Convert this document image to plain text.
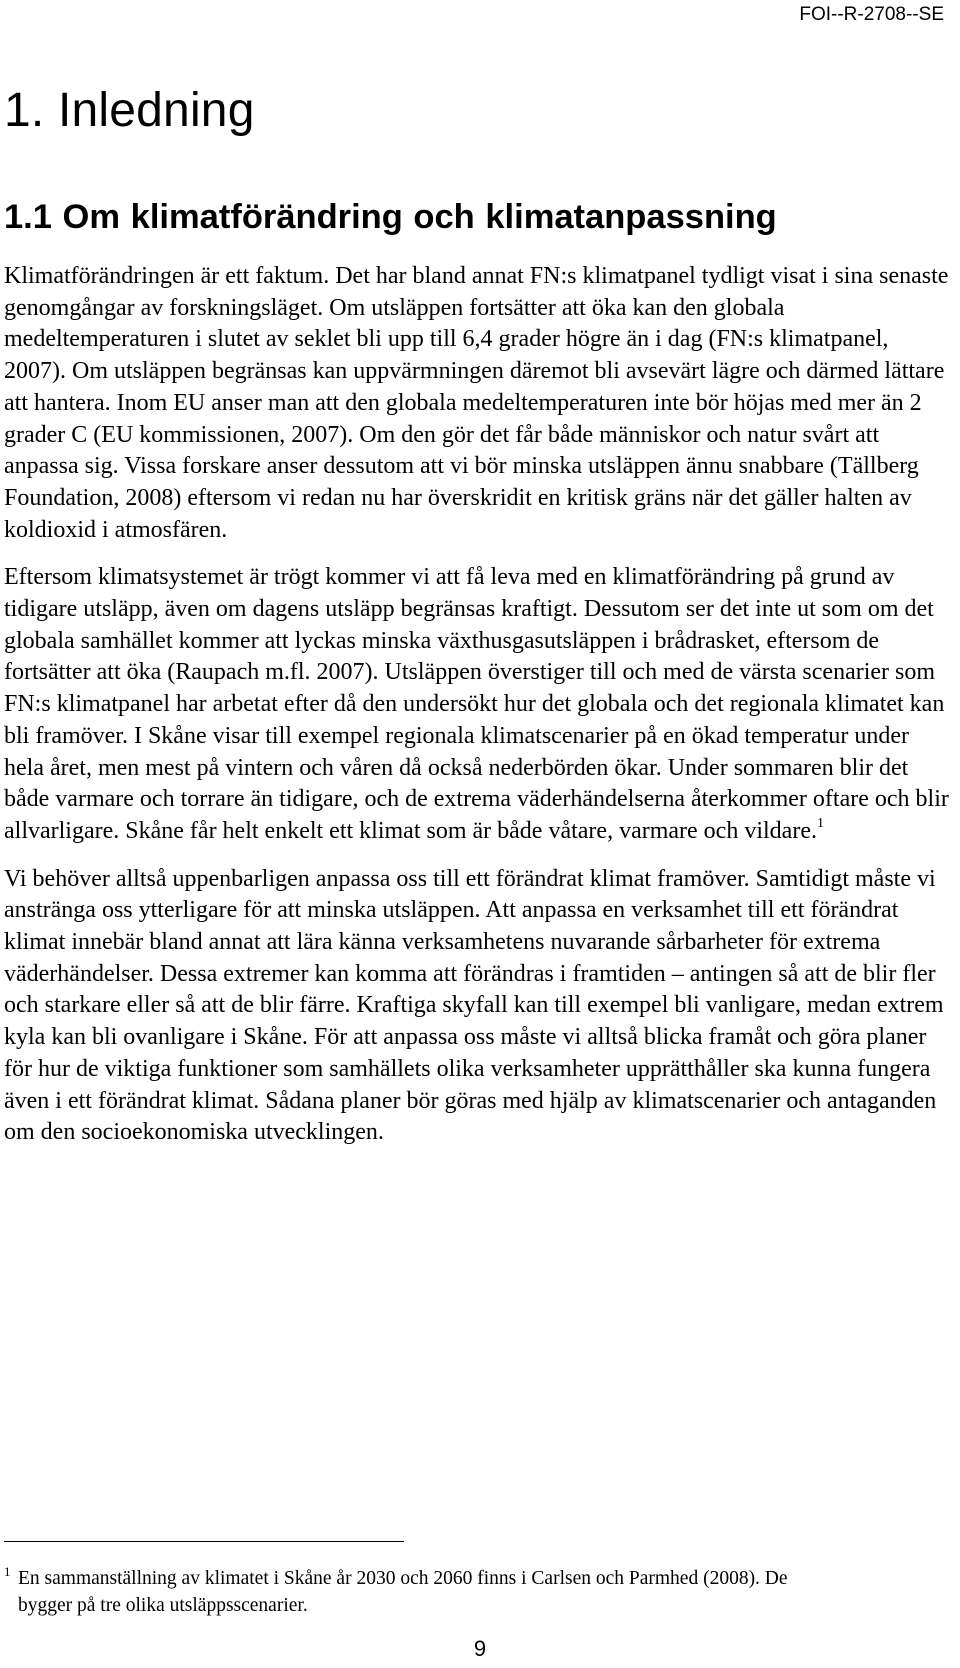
FOI--R-2708--SE

1. Inledning
1.1 Om klimatförändring och klimatanpassning

Klimatförändringen är ett faktum. Det har bland annat FN:s klimatpanel tydligt visat i sina senaste genomgångar av forskningsläget. Om utsläppen fortsätter att öka kan den globala medeltemperaturen i slutet av seklet bli upp till 6,4 grader högre än i dag (FN:s klimatpanel, 2007). Om utsläppen begränsas kan uppvärmningen däremot bli avsevärt lägre och därmed lättare att hantera. Inom EU anser man att den globala medeltemperaturen inte bör höjas med mer än 2 grader C (EU kommissionen, 2007). Om den gör det får både människor och natur svårt att anpassa sig. Vissa forskare anser dessutom att vi bör minska utsläppen ännu snabbare (Tällberg Foundation, 2008) eftersom vi redan nu har överskridit en kritisk gräns när det gäller halten av koldioxid i atmosfären.

Eftersom klimatsystemet är trögt kommer vi att få leva med en klimatförändring på grund av tidigare utsläpp, även om dagens utsläpp begränsas kraftigt. Dessutom ser det inte ut som om det globala samhället kommer att lyckas minska växthusgasutsläppen i brådrasket, eftersom de fortsätter att öka (Raupach m.fl. 2007). Utsläppen överstiger till och med de värsta scenarier som FN:s klimatpanel har arbetat efter då den undersökt hur det globala och det regionala klimatet kan bli framöver. I Skåne visar till exempel regionala klimatscenarier på en ökad temperatur under hela året, men mest på vintern och våren då också nederbörden ökar. Under sommaren blir det både varmare och torrare än tidigare, och de extrema väderhändelserna återkommer oftare och blir allvarligare. Skåne får helt enkelt ett klimat som är både våtare, varmare och vildare.$^1$

Vi behöver alltså uppenbarligen anpassa oss till ett förändrat klimat framöver. Samtidigt måste vi anstränga oss ytterligare för att minska utsläppen. Att anpassa en verksamhet till ett förändrat klimat innebär bland annat att lära känna verksamhetens nuvarande sårbarheter för extrema väderhändelser. Dessa extremer kan komma att förändras i framtiden – antingen så att de blir fler och starkare eller så att de blir färre. Kraftiga skyfall kan till exempel bli vanligare, medan extrem kyla kan bli ovanligare i Skåne. För att anpassa oss måste vi alltså blicka framåt och göra planer för hur de viktiga funktioner som samhällets olika verksamheter upprätthåller ska kunna fungera även i ett förändrat klimat. Sådana planer bör göras med hjälp av klimatscenarier och antaganden om den socioekonomiska utvecklingen.

1 En sammanställning av klimatet i Skåne år 2030 och 2060 finns i Carlsen och Parmhed (2008). De
bygger på tre olika utsläppsscenarier.

9
